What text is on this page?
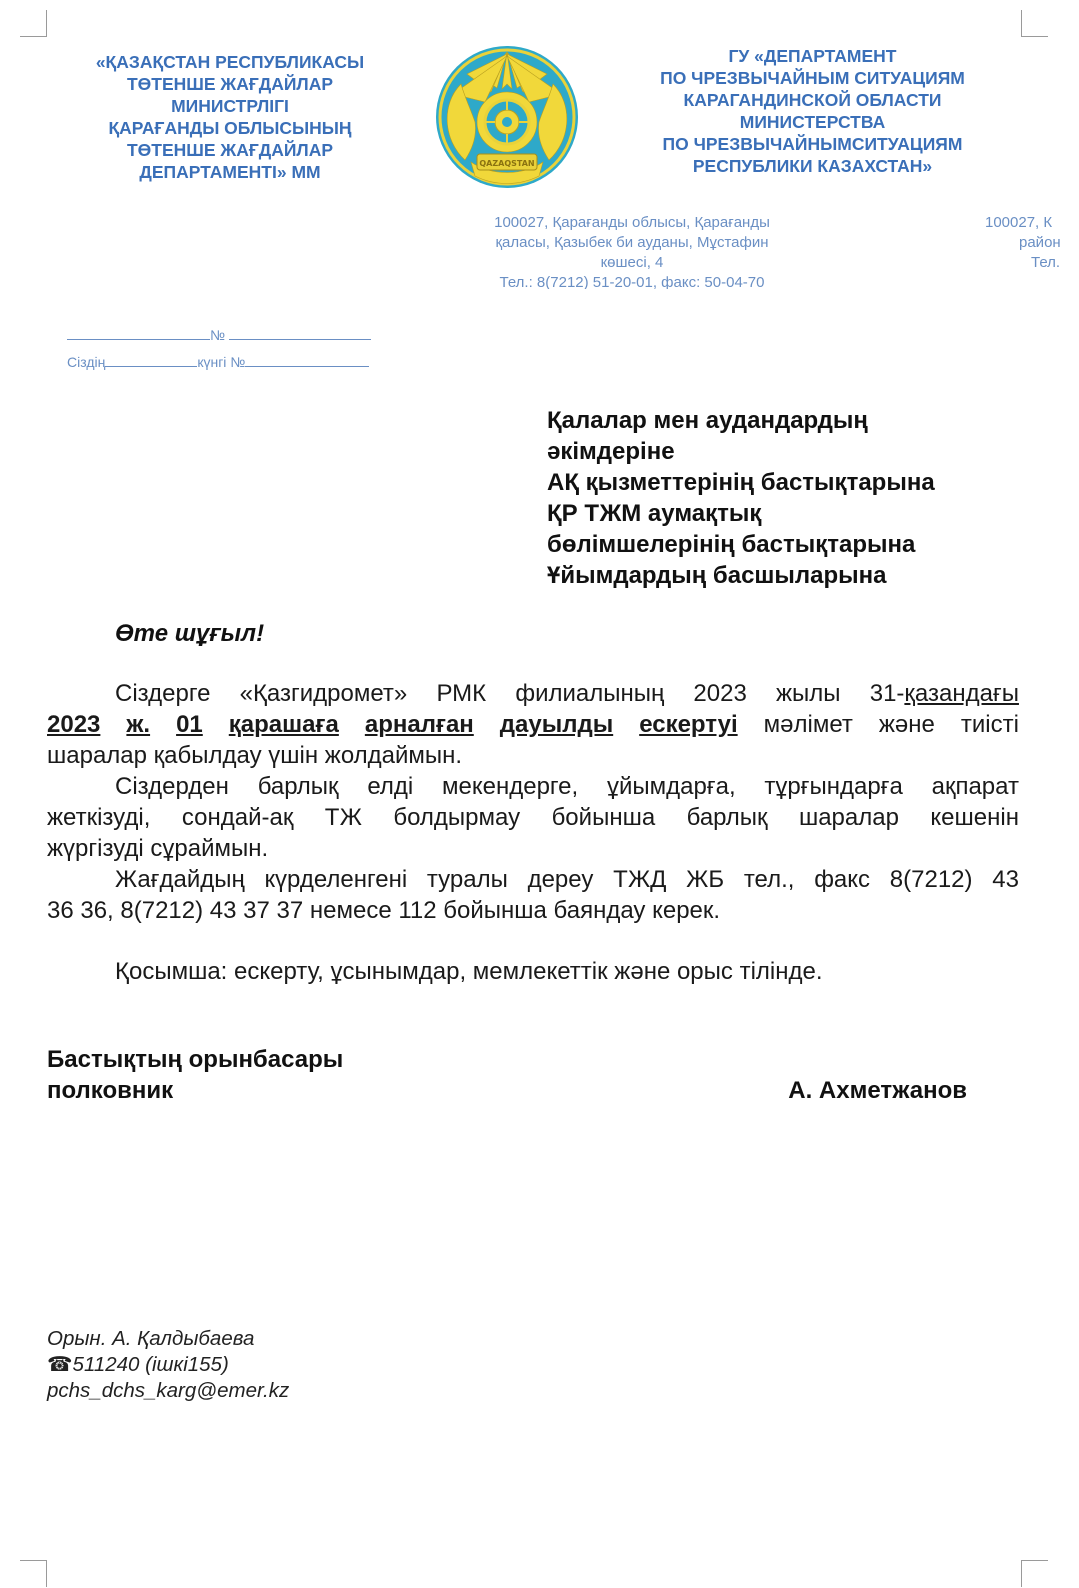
«ҚАЗАҚСТАН РЕСПУБЛИКАСЫ
ТӨТЕНШЕ ЖАҒДАЙЛАР
МИНИСТРЛІГІ
ҚАРАҒАНДЫ ОБЛЫСЫНЫҢ
ТӨТЕНШЕ ЖАҒДАЙЛАР
ДЕПАРТАМЕНТІ» ММ	QAZAQSTAN
ГУ «ДЕПАРТАМЕНТ
ПО ЧРЕЗВЫЧАЙНЫМ СИТУАЦИЯМ
КАРАГАНДИНСКОЙ ОБЛАСТИ
МИНИСТЕРСТВА
ПО ЧРЕЗВЫЧАЙНЫМСИТУАЦИЯМ
РЕСПУБЛИКИ КАЗАХСТАН»
100027, Қарағанды облысы, Қарағанды
қаласы, Қазыбек би ауданы, Мұстафин
көшесі, 4
Тел.: 8(7212) 51-20-01, факс: 50-04-70
100027, К
район
Тел.
№
Сіздің	күнгі №
Қалалар мен аудандардың
әкімдеріне
АҚ қызметтерінің бастықтарына
ҚР ТЖМ аумақтық
бөлімшелерінің бастықтарына
Ұйымдардың басшыларына
Өте шұғыл!
Сіздерге «Қазгидромет» РМК филиалының 2023 жылы 31-қазандағы
2023 ж. 01 қарашаға арналған дауылды ескертуі мәлімет және тиісті
шаралар қабылдау үшін жолдаймын.
Сіздерден барлық елді мекендерге, ұйымдарға, тұрғындарға ақпарат
жеткізуді, сондай-ақ ТЖ болдырмау бойынша барлық шаралар кешенін
жүргізуді сұраймын.
Жағдайдың күрделенгені туралы дереу ТЖД ЖБ тел., факс 8(7212) 43
36 36, 8(7212) 43 37 37 немесе 112 бойынша баяндау керек.
Қосымша: ескерту, ұсынымдар, мемлекеттік және орыс тілінде.
Бастықтың орынбасары
полковник	А. Ахметжанов
Орын. А. Қалдыбаева
☎511240 (ішкі155)
pchs_dchs_karg@emer.kz
